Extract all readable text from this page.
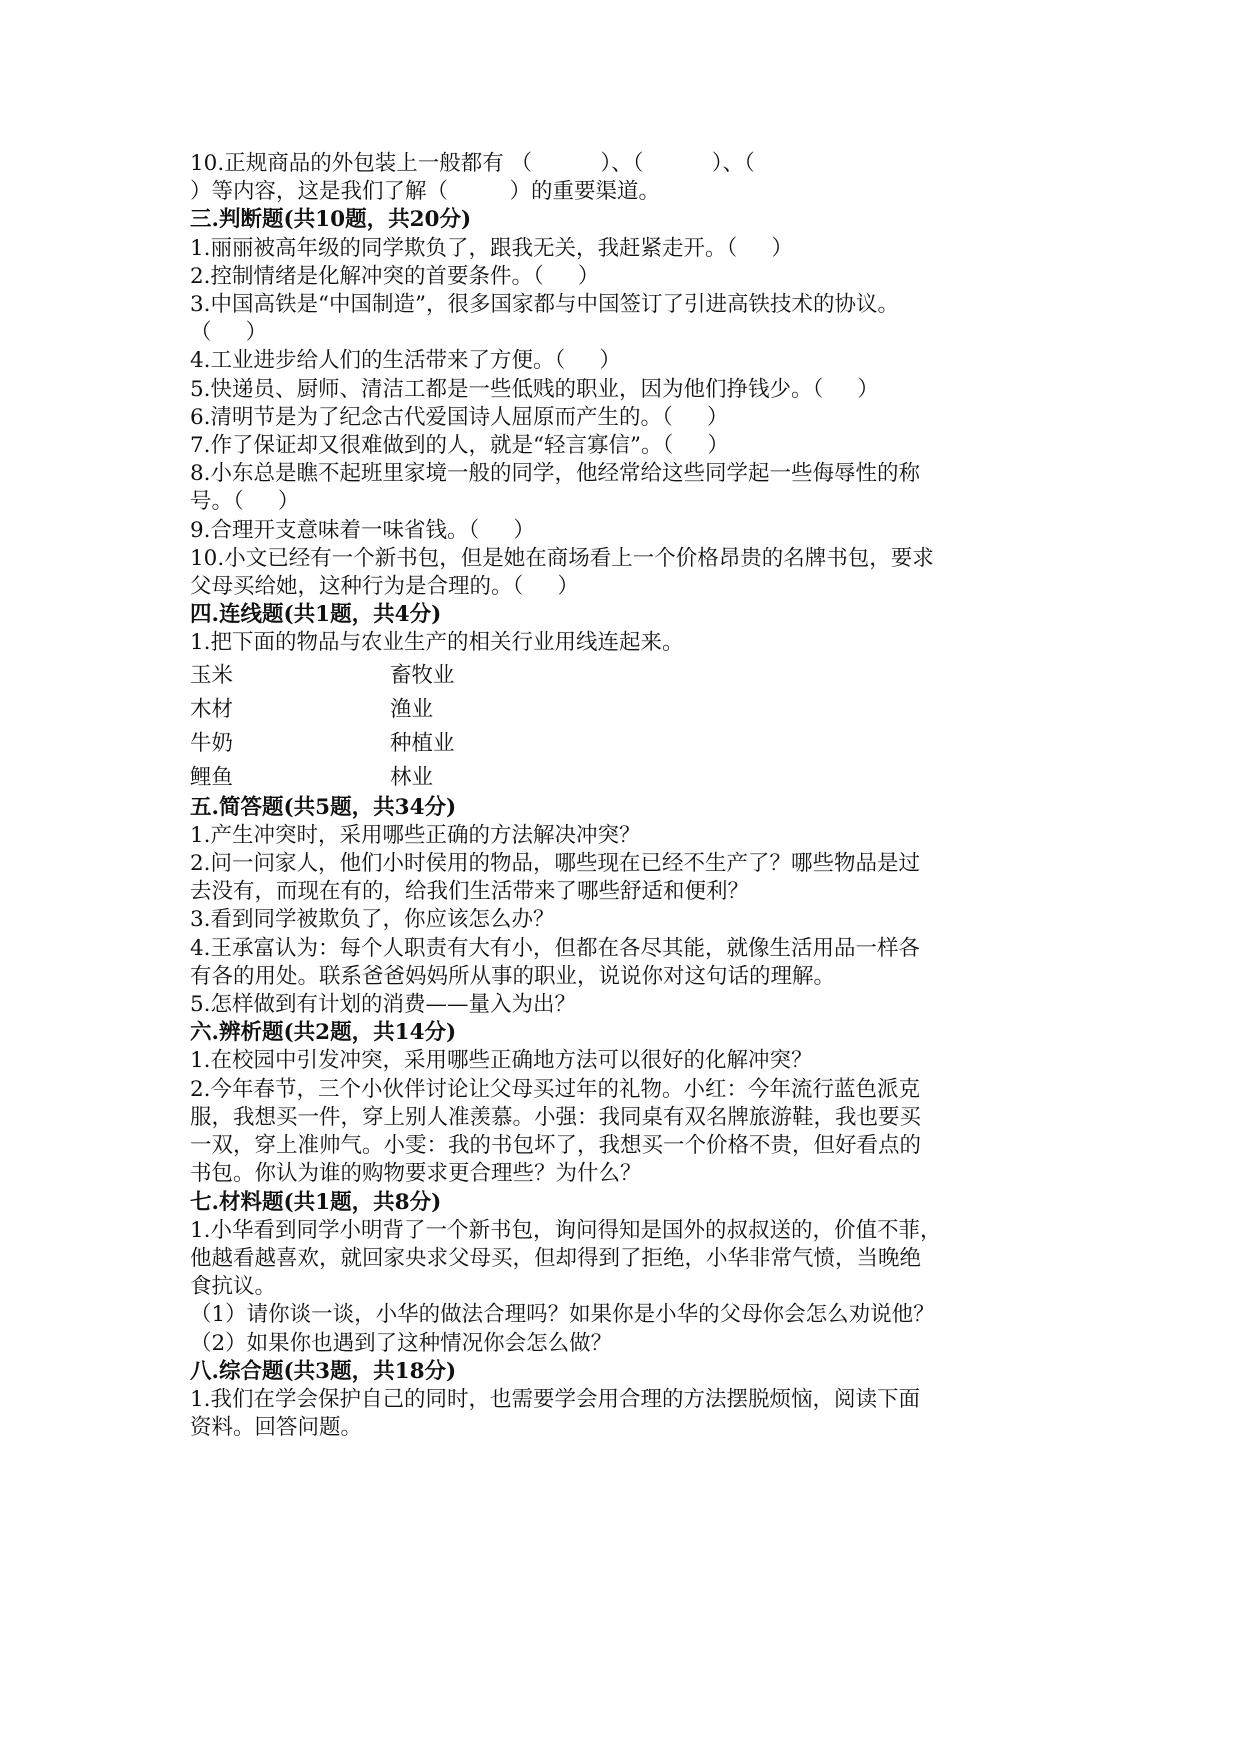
10.正规商品的外包装上一般都有 （          ）、（          ）、（
）等内容，这是我们了解（         ）的重要渠道。
三.判断题(共10题，共20分)
1.丽丽被高年级的同学欺负了，跟我无关，我赶紧走开。（     ）
2.控制情绪是化解冲突的首要条件。（     ）
3.中国高铁是“中国制造”，很多国家都与中国签订了引进高铁技术的协议。
（     ）
4.工业进步给人们的生活带来了方便。（     ）
5.快递员、厨师、清洁工都是一些低贱的职业，因为他们挣钱少。（     ）
6.清明节是为了纪念古代爱国诗人屈原而产生的。（     ）
7.作了保证却又很难做到的人，就是“轻言寡信”。（     ）
8.小东总是瞧不起班里家境一般的同学，他经常给这些同学起一些侮辱性的称
号。（     ）
9.合理开支意味着一味省钱。（     ）
10.小文已经有一个新书包，但是她在商场看上一个价格昂贵的名牌书包，要求
父母买给她，这种行为是合理的。（     ）
四.连线题(共1题，共4分)
1.把下面的物品与农业生产的相关行业用线连起来。
玉米	畜牧业
木材	渔业
牛奶	种植业
鲤鱼	林业
五.简答题(共5题，共34分)
1.产生冲突时，采用哪些正确的方法解决冲突？
2.问一问家人，他们小时侯用的物品，哪些现在已经不生产了？哪些物品是过
去没有，而现在有的，给我们生活带来了哪些舒适和便利？
3.看到同学被欺负了，你应该怎么办？
4.王承富认为：每个人职责有大有小，但都在各尽其能，就像生活用品一样各
有各的用处。联系爸爸妈妈所从事的职业，说说你对这句话的理解。
5.怎样做到有计划的消费——量入为出？
六.辨析题(共2题，共14分)
1.在校园中引发冲突，采用哪些正确地方法可以很好的化解冲突？
2.今年春节，三个小伙伴讨论让父母买过年的礼物。小红：今年流行蓝色派克
服，我想买一件，穿上别人准羡慕。小强：我同桌有双名牌旅游鞋，我也要买
一双，穿上准帅气。小雯：我的书包坏了，我想买一个价格不贵，但好看点的
书包。你认为谁的购物要求更合理些？为什么？
七.材料题(共1题，共8分)
1.小华看到同学小明背了一个新书包，询问得知是国外的叔叔送的，价值不菲，
他越看越喜欢，就回家央求父母买，但却得到了拒绝，小华非常气愤，当晚绝
食抗议。
（1）请你谈一谈，小华的做法合理吗？如果你是小华的父母你会怎么劝说他？
（2）如果你也遇到了这种情况你会怎么做？
八.综合题(共3题，共18分)
1.我们在学会保护自己的同时，也需要学会用合理的方法摆脱烦恼，阅读下面
资料。回答问题。
